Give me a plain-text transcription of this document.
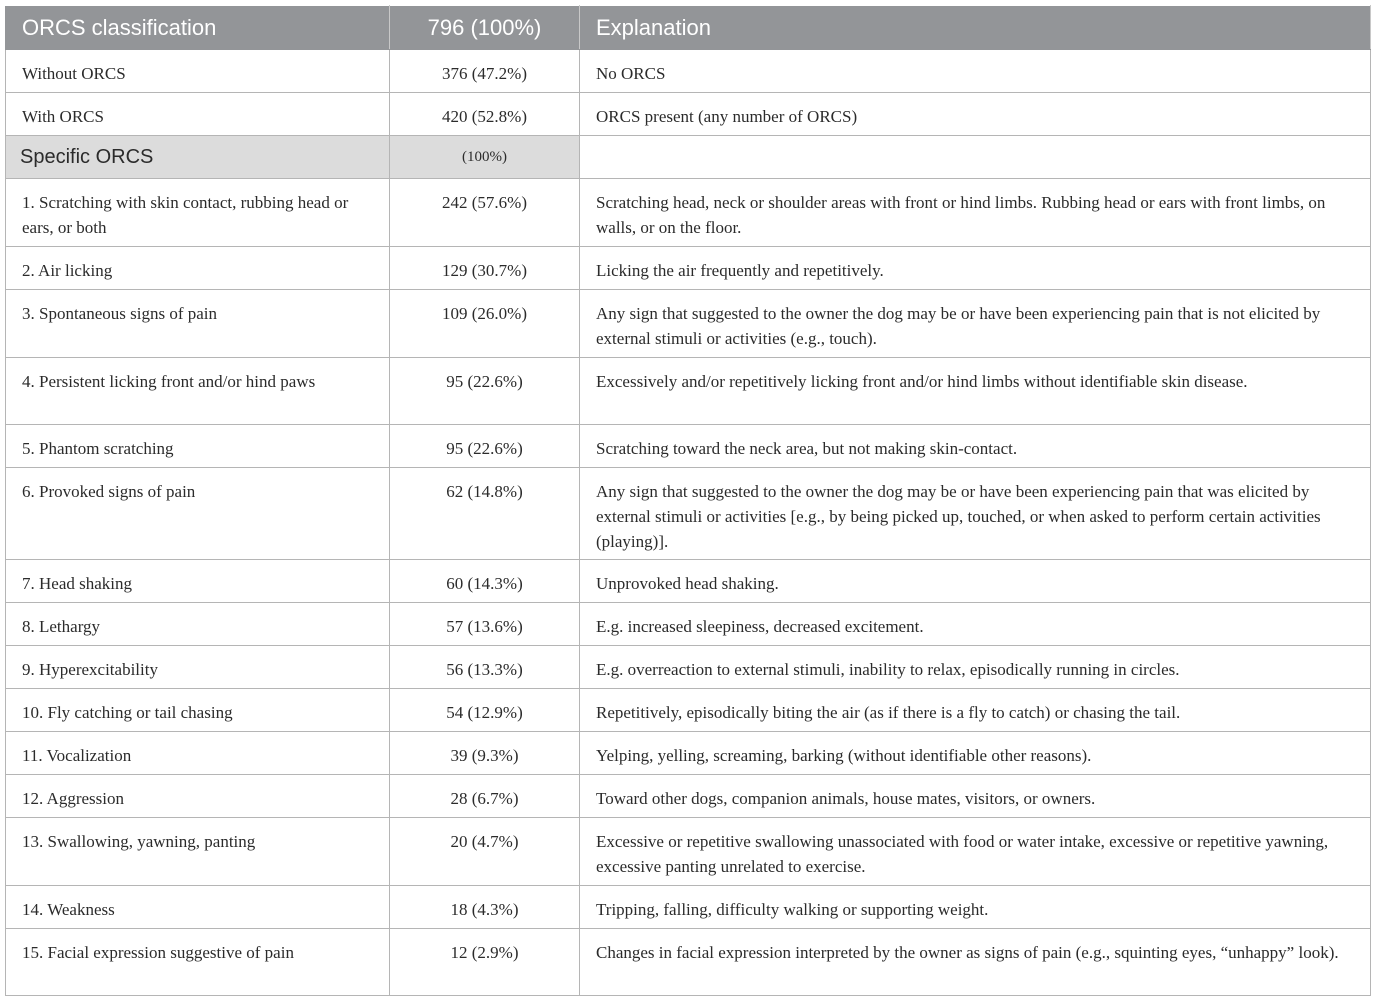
ORCS classification	796 (100%)	Explanation
Without ORCS	376 (47.2%)	No ORCS
With ORCS	420 (52.8%)	ORCS present (any number of ORCS)
Specific ORCS	(100%)	
1. Scratching with skin contact, rubbing head or ears, or both	242 (57.6%)	Scratching head, neck or shoulder areas with front or hind limbs. Rubbing head or ears with front limbs, on walls, or on the floor.
2. Air licking	129 (30.7%)	Licking the air frequently and repetitively.
3. Spontaneous signs of pain	109 (26.0%)	Any sign that suggested to the owner the dog may be or have been experiencing pain that is not elicited by external stimuli or activities (e.g., touch).
4. Persistent licking front and/or hind paws	95 (22.6%)	Excessively and/or repetitively licking front and/or hind limbs without identifiable skin disease.
5. Phantom scratching	95 (22.6%)	Scratching toward the neck area, but not making skin-contact.
6. Provoked signs of pain	62 (14.8%)	Any sign that suggested to the owner the dog may be or have been experiencing pain that was elicited by external stimuli or activities [e.g., by being picked up, touched, or when asked to perform certain activities (playing)].
7. Head shaking	60 (14.3%)	Unprovoked head shaking.
8. Lethargy	57 (13.6%)	E.g. increased sleepiness, decreased excitement.
9. Hyperexcitability	56 (13.3%)	E.g. overreaction to external stimuli, inability to relax, episodically running in circles.
10. Fly catching or tail chasing	54 (12.9%)	Repetitively, episodically biting the air (as if there is a fly to catch) or chasing the tail.
11. Vocalization	39 (9.3%)	Yelping, yelling, screaming, barking (without identifiable other reasons).
12. Aggression	28 (6.7%)	Toward other dogs, companion animals, house mates, visitors, or owners.
13. Swallowing, yawning, panting	20 (4.7%)	Excessive or repetitive swallowing unassociated with food or water intake, excessive or repetitive yawning, excessive panting unrelated to exercise.
14. Weakness	18 (4.3%)	Tripping, falling, difficulty walking or supporting weight.
15. Facial expression suggestive of pain	12 (2.9%)	Changes in facial expression interpreted by the owner as signs of pain (e.g., squinting eyes, “unhappy” look).
